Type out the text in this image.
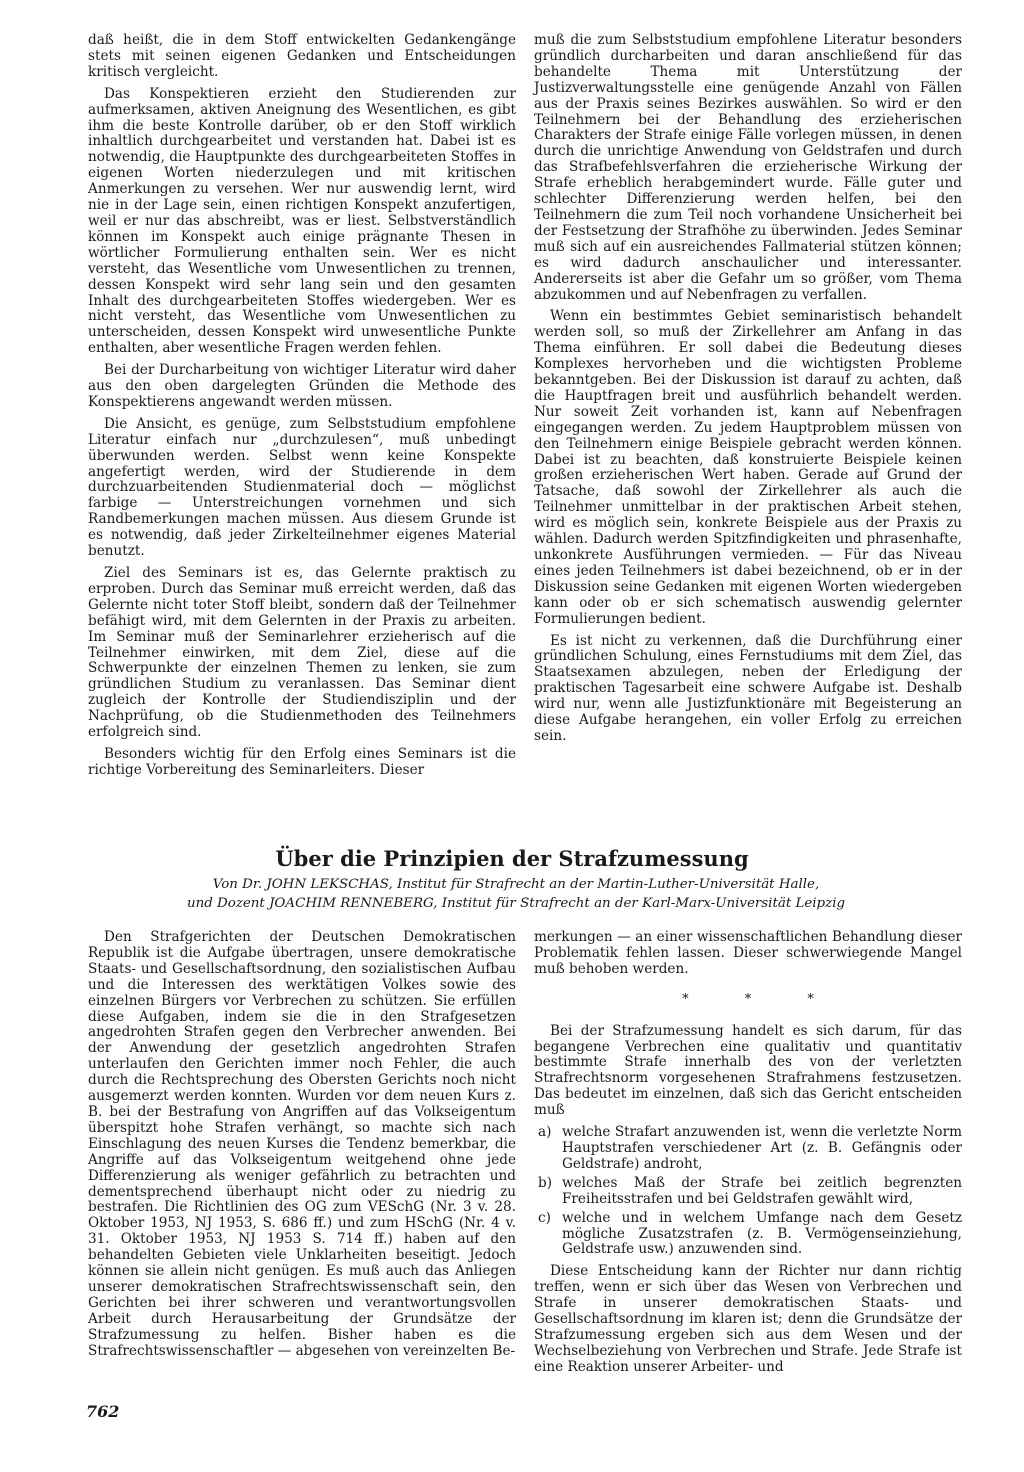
daß heißt, die in dem Stoff entwickelten Gedankengänge stets mit seinen eigenen Gedanken und Entscheidungen kritisch vergleicht.

Das Konspektieren erzieht den Studierenden zur aufmerksamen, aktiven Aneignung des Wesentlichen, es gibt ihm die beste Kontrolle darüber, ob er den Stoff wirklich inhaltlich durchgearbeitet und verstanden hat. Dabei ist es notwendig, die Hauptpunkte des durchgearbeiteten Stoffes in eigenen Worten niederzulegen und mit kritischen Anmerkungen zu versehen. Wer nur auswendig lernt, wird nie in der Lage sein, einen richtigen Konspekt anzufertigen, weil er nur das abschreibt, was er liest. Selbstverständlich können im Konspekt auch einige prägnante Thesen in wörtlicher Formulierung enthalten sein. Wer es nicht versteht, das Wesentliche vom Unwesentlichen zu trennen, dessen Konspekt wird sehr lang sein und den gesamten Inhalt des durchgearbeiteten Stoffes wiedergeben. Wer es nicht versteht, das Wesentliche vom Unwesentlichen zu unterscheiden, dessen Konspekt wird unwesentliche Punkte enthalten, aber wesentliche Fragen werden fehlen.

Bei der Durcharbeitung von wichtiger Literatur wird daher aus den oben dargelegten Gründen die Methode des Konspektierens angewandt werden müssen.

Die Ansicht, es genüge, zum Selbststudium empfohlene Literatur einfach nur „durchzulesen“, muß unbedingt überwunden werden. Selbst wenn keine Konspekte angefertigt werden, wird der Studierende in dem durchzuarbeitenden Studienmaterial doch — möglichst farbige — Unterstreichungen vornehmen und sich Randbemerkungen machen müssen. Aus diesem Grunde ist es notwendig, daß jeder Zirkelteilnehmer eigenes Material benutzt.

Ziel des Seminars ist es, das Gelernte praktisch zu erproben. Durch das Seminar muß erreicht werden, daß das Gelernte nicht toter Stoff bleibt, sondern daß der Teilnehmer befähigt wird, mit dem Gelernten in der Praxis zu arbeiten. Im Seminar muß der Seminarlehrer erzieherisch auf die Teilnehmer einwirken, mit dem Ziel, diese auf die Schwerpunkte der einzelnen Themen zu lenken, sie zum gründlichen Studium zu veranlassen. Das Seminar dient zugleich der Kontrolle der Studiendisziplin und der Nachprüfung, ob die Studienmethoden des Teilnehmers erfolgreich sind.

Besonders wichtig für den Erfolg eines Seminars ist die richtige Vorbereitung des Seminarleiters. Dieser

muß die zum Selbststudium empfohlene Literatur besonders gründlich durcharbeiten und daran anschließend für das behandelte Thema mit Unterstützung der Justizverwaltungsstelle eine genügende Anzahl von Fällen aus der Praxis seines Bezirkes auswählen. So wird er den Teilnehmern bei der Behandlung des erzieherischen Charakters der Strafe einige Fälle vorlegen müssen, in denen durch die unrichtige Anwendung von Geldstrafen und durch das Strafbefehlsverfahren die erzieherische Wirkung der Strafe erheblich herabgemindert wurde. Fälle guter und schlechter Differenzierung werden helfen, bei den Teilnehmern die zum Teil noch vorhandene Unsicherheit bei der Festsetzung der Strafhöhe zu überwinden. Jedes Seminar muß sich auf ein ausreichendes Fallmaterial stützen können; es wird dadurch anschaulicher und interessanter. Andererseits ist aber die Gefahr um so größer, vom Thema abzukommen und auf Nebenfragen zu verfallen.

Wenn ein bestimmtes Gebiet seminaristisch behandelt werden soll, so muß der Zirkellehrer am Anfang in das Thema einführen. Er soll dabei die Bedeutung dieses Komplexes hervorheben und die wichtigsten Probleme bekanntgeben. Bei der Diskussion ist darauf zu achten, daß die Hauptfragen breit und ausführlich behandelt werden. Nur soweit Zeit vorhanden ist, kann auf Nebenfragen eingegangen werden. Zu jedem Hauptproblem müssen von den Teilnehmern einige Beispiele gebracht werden können. Dabei ist zu beachten, daß konstruierte Beispiele keinen großen erzieherischen Wert haben. Gerade auf Grund der Tatsache, daß sowohl der Zirkellehrer als auch die Teilnehmer unmittelbar in der praktischen Arbeit stehen, wird es möglich sein, konkrete Beispiele aus der Praxis zu wählen. Dadurch werden Spitzfindigkeiten und phrasenhafte, unkonkrete Ausführungen vermieden. — Für das Niveau eines jeden Teilnehmers ist dabei bezeichnend, ob er in der Diskussion seine Gedanken mit eigenen Worten wiedergeben kann oder ob er sich schematisch auswendig gelernter Formulierungen bedient.

Es ist nicht zu verkennen, daß die Durchführung einer gründlichen Schulung, eines Fernstudiums mit dem Ziel, das Staatsexamen abzulegen, neben der Erledigung der praktischen Tagesarbeit eine schwere Aufgabe ist. Deshalb wird nur, wenn alle Justizfunktionäre mit Begeisterung an diese Aufgabe herangehen, ein voller Erfolg zu erreichen sein.

Über die Prinzipien der Strafzumessung

Von Dr. JOHN LEKSCHAS, Institut für Strafrecht an der Martin-Luther-Universität Halle,

und Dozent JOACHIM RENNEBERG, Institut für Strafrecht an der Karl-Marx-Universität Leipzig

Den Strafgerichten der Deutschen Demokratischen Republik ist die Aufgabe übertragen, unsere demokratische Staats- und Gesellschaftsordnung, den sozialistischen Aufbau und die Interessen des werktätigen Volkes sowie des einzelnen Bürgers vor Verbrechen zu schützen. Sie erfüllen diese Aufgaben, indem sie die in den Strafgesetzen angedrohten Strafen gegen den Verbrecher anwenden. Bei der Anwendung der gesetzlich angedrohten Strafen unterlaufen den Gerichten immer noch Fehler, die auch durch die Rechtsprechung des Obersten Gerichts noch nicht ausgemerzt werden konnten. Wurden vor dem neuen Kurs z. B. bei der Bestrafung von Angriffen auf das Volkseigentum überspitzt hohe Strafen verhängt, so machte sich nach Einschlagung des neuen Kurses die Tendenz bemerkbar, die Angriffe auf das Volkseigentum weitgehend ohne jede Differenzierung als weniger gefährlich zu betrachten und dementsprechend überhaupt nicht oder zu niedrig zu bestrafen. Die Richtlinien des OG zum VESchG (Nr. 3 v. 28. Oktober 1953, NJ 1953, S. 686 ff.) und zum HSchG (Nr. 4 v. 31. Oktober 1953, NJ 1953 S. 714 ff.) haben auf den behandelten Gebieten viele Unklarheiten beseitigt. Jedoch können sie allein nicht genügen. Es muß auch das Anliegen unserer demokratischen Strafrechtswissenschaft sein, den Gerichten bei ihrer schweren und verantwortungsvollen Arbeit durch Herausarbeitung der Grundsätze der Strafzumessung zu helfen. Bisher haben es die Strafrechtswissenschaftler — abgesehen von vereinzelten Be-

merkungen — an einer wissenschaftlichen Behandlung dieser Problematik fehlen lassen. Dieser schwerwiegende Mangel muß behoben werden.

* * *

Bei der Strafzumessung handelt es sich darum, für das begangene Verbrechen eine qualitativ und quantitativ bestimmte Strafe innerhalb des von der verletzten Strafrechtsnorm vorgesehenen Strafrahmens festzusetzen. Das bedeutet im einzelnen, daß sich das Gericht entscheiden muß

a) welche Strafart anzuwenden ist, wenn die verletzte Norm Hauptstrafen verschiedener Art (z. B. Gefängnis oder Geldstrafe) androht,
b) welches Maß der Strafe bei zeitlich begrenzten Freiheitsstrafen und bei Geldstrafen gewählt wird,
c) welche und in welchem Umfange nach dem Gesetz mögliche Zusatzstrafen (z. B. Vermögenseinziehung, Geldstrafe usw.) anzuwenden sind.

Diese Entscheidung kann der Richter nur dann richtig treffen, wenn er sich über das Wesen von Verbrechen und Strafe in unserer demokratischen Staats- und Gesellschaftsordnung im klaren ist; denn die Grundsätze der Strafzumessung ergeben sich aus dem Wesen und der Wechselbeziehung von Verbrechen und Strafe. Jede Strafe ist eine Reaktion unserer Arbeiter- und

762
